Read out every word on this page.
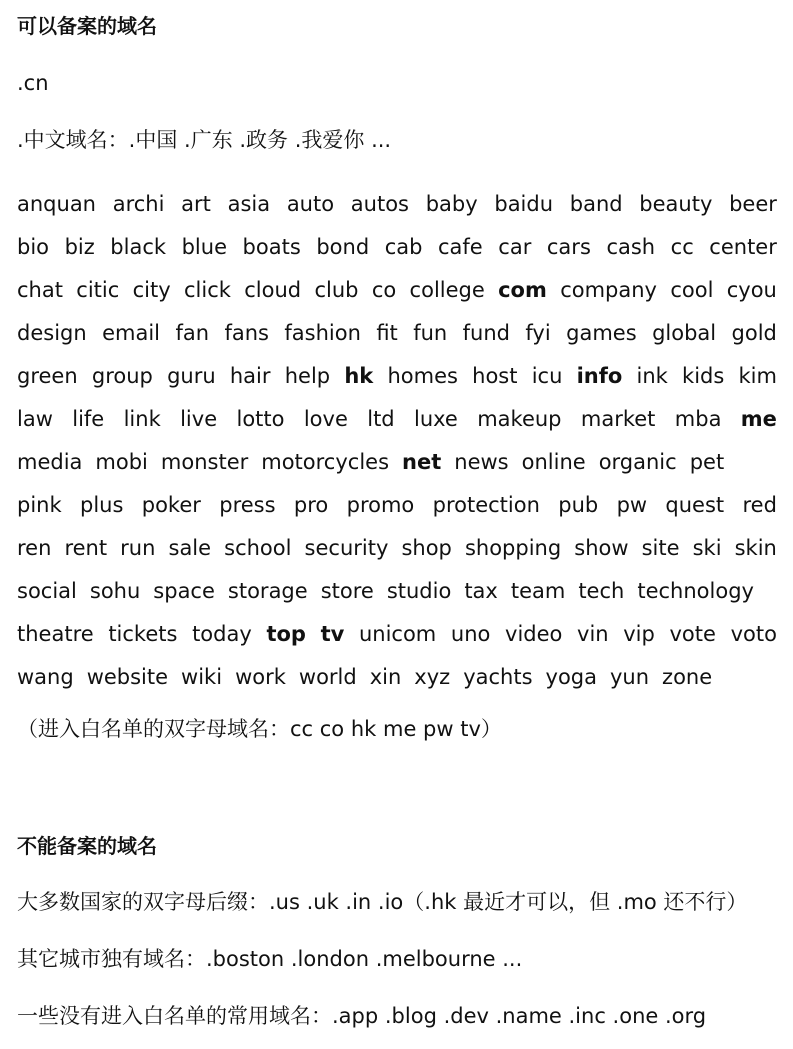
可以备案的域名
.cn
.中文域名：.中国 .广东 .政务 .我爱你 ...
anquan archi art asia auto autos baby baidu band beauty beer
bio biz black blue boats bond cab cafe car cars cash cc center
chat citic city click cloud club co college com company cool cyou
design email fan fans fashion fit fun fund fyi games global gold
green group guru hair help hk homes host icu info ink kids kim
law life link live lotto love ltd luxe makeup market mba me
media mobi monster motorcycles net news online organic pet
pink plus poker press pro promo protection pub pw quest red
ren rent run sale school security shop shopping show site ski skin
social sohu space storage store studio tax team tech technology
theatre tickets today top tv unicom uno video vin vip vote voto
wang website wiki work world xin xyz yachts yoga yun zone
（进入白名单的双字母域名：cc co hk me pw tv）
不能备案的域名
大多数国家的双字母后缀：.us .uk .in .io（.hk 最近才可以，但 .mo 还不行）
其它城市独有域名：.boston .london .melbourne ...
一些没有进入白名单的常用域名：.app .blog .dev .name .inc .one .org
